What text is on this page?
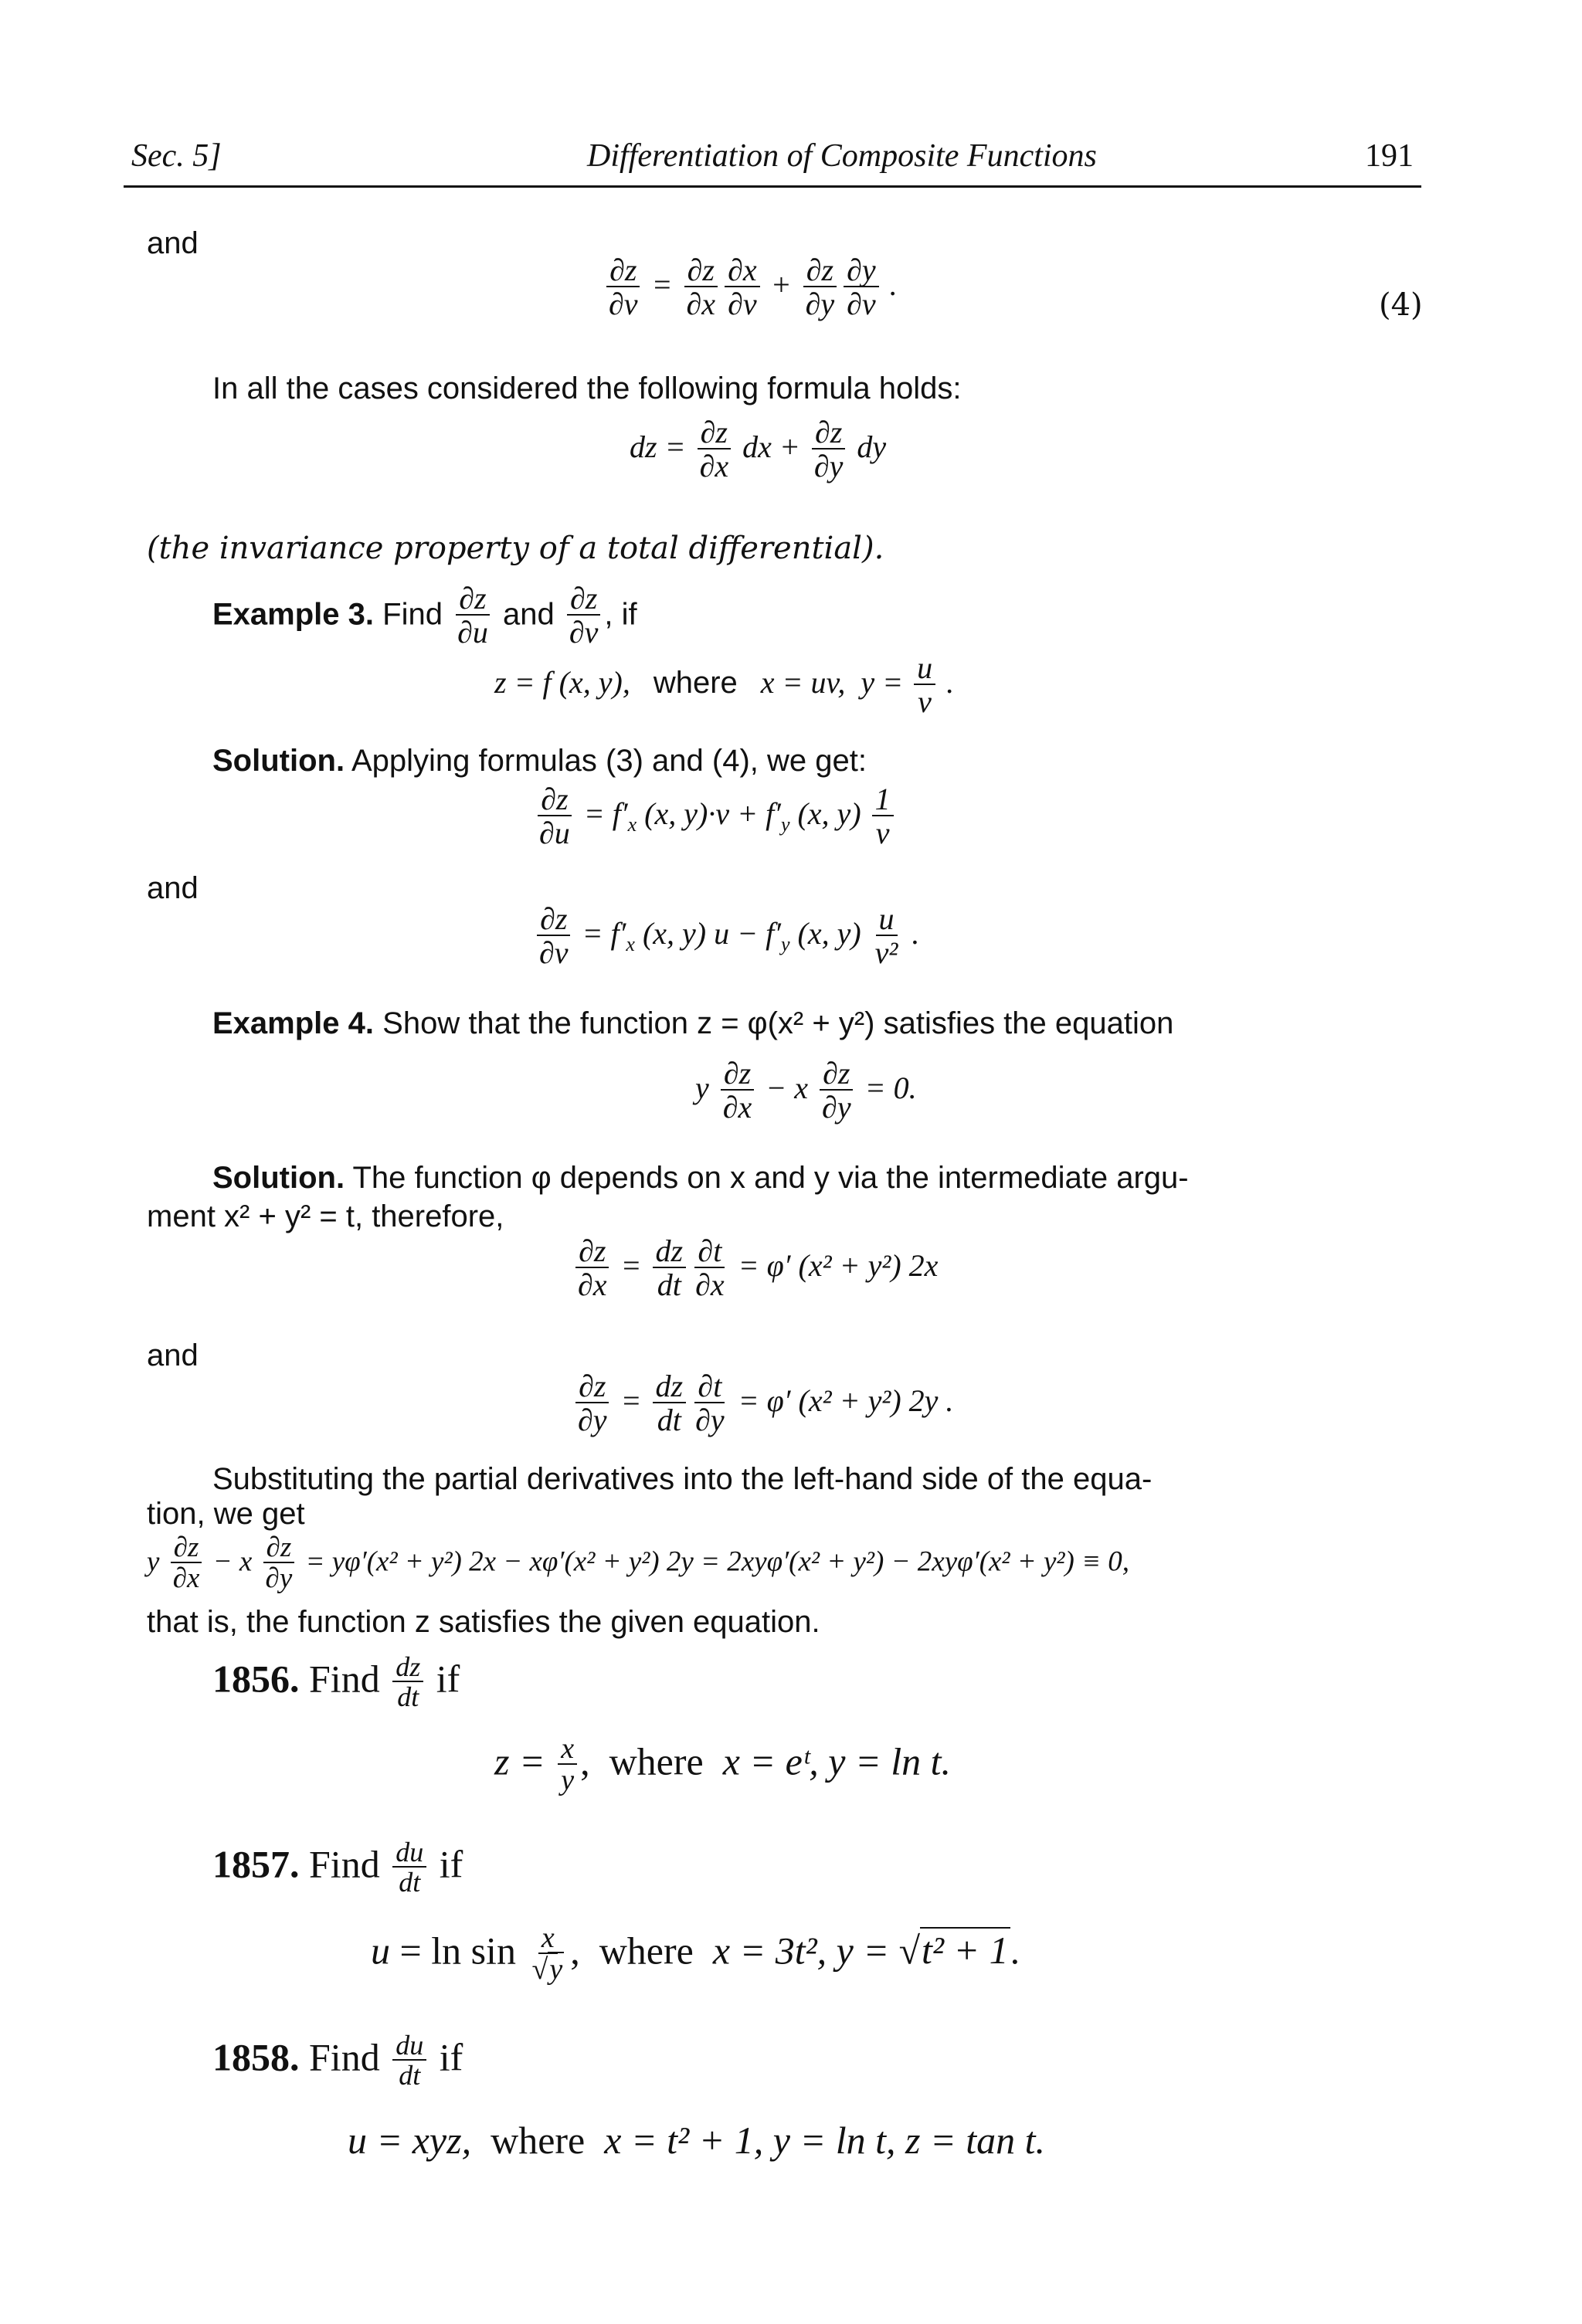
Sec. 5]	Differentiation of Composite Functions	191
and
$\frac{\partial z}{\partial v} = \frac{\partial z}{\partial x} \frac{\partial x}{\partial v} + \frac{\partial z}{\partial y} \frac{\partial y}{\partial v}$ .
(4)
In all the cases considered the following formula holds:
dz = $\frac{\partial z}{\partial x}$ dx + $\frac{\partial z}{\partial y}$ dy
(the invariance property of a total differential).
Example 3. Find $\frac{\partial z}{\partial u}$ and $\frac{\partial z}{\partial v}$ , if
z = f (x, y),   where   x = uv,  $y = \frac{u}{v}$ .
Solution. Applying formulas (3) and (4), we get:
$\frac{\partial z}{\partial u} = f'_x$ (x, $y)\cdot v + f'_y$ (x, $y) \frac{1}{v}$
and
$\frac{\partial z}{\partial v} = f'_x$ (x, y) $u - f'_y$ (x, $y) \frac{u}{\text{v²}}$ .
Example 4. Show that the function z = φ(x² + y²) satisfies the equation
y $\frac{\partial z}{\partial x} - x \frac{\partial z}{\partial y} = 0$.
Solution. The function φ depends on x and y via the intermediate argu-
ment x² + y² = t, therefore,
$\frac{\partial z}{\partial x} = \frac{dz}{dt} \frac{\partial t}{\partial x} = \varphi'$ (x² + y²) 2x
and
$\frac{\partial z}{\partial y} = \frac{dz}{dt} \frac{\partial t}{\partial y} = \varphi'$ (x² + y²) 2y .
Substituting the partial derivatives into the left-hand side of the equa-
tion, we get
y $\frac{\partial z}{\partial x} - x \frac{\partial z}{\partial y} = y\varphi'(x^2 + y^2) 2x - x\varphi'(x^2 + y^2) 2y = 2xy\varphi'(x^2 + y^2) - 2xy\varphi'(x^2 + y^2) \equiv 0$,
that is, the function z satisfies the given equation.
1856. Find $\frac{dz}{dt}$ if
$z = \frac{x}{y}$ ,  where x = eᵗ, y = ln t.
1857. Find $\frac{du}{dt}$ if
$u = \ln \sin \frac{x}{√y}$ ,  where x = 3t², y = √t² + 1.
1858. Find $\frac{du}{dt}$ if
u = xyz, where x = t² + 1, y = ln t, z = tan t.
